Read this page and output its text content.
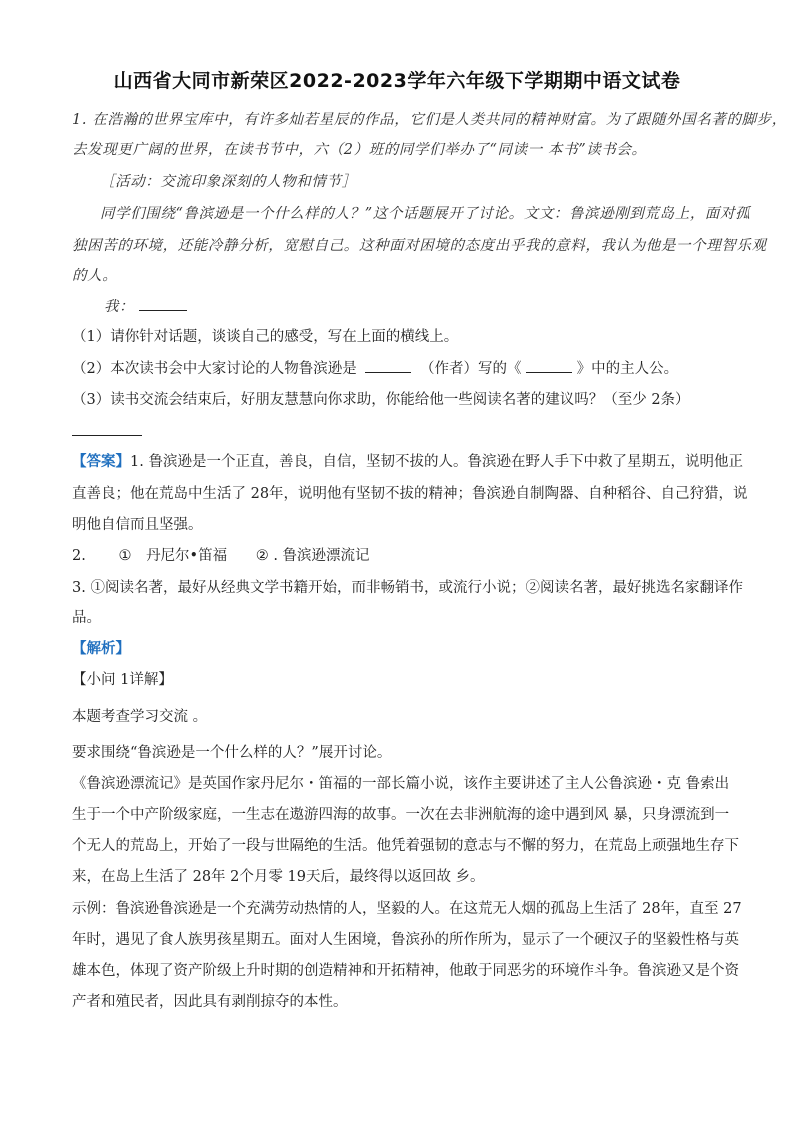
山西省大同市新荣区2022-2023学年六年级下学期期中语文试卷
1. 在浩瀚的世界宝库中，有许多灿若星辰的作品，它们是人类共同的精神财富。为了跟随外国名著的脚步，
去发现更广阔的世界，在读书节中，六（2）班的同学们举办了“同读一 本书”读书会。
［活动：交流印象深刻的人物和情节］
同学们围绕“鲁滨逊是一个什么样的人？”这个话题展开了讨论。文文：鲁滨逊刚到荒岛上，面对孤
独困苦的环境，还能冷静分析，宽慰自己。这种面对困境的态度出乎我的意料，我认为他是一个理智乐观
的人。
我：
（1）请你针对话题，谈谈自己的感受，写在上面的横线上。
（2）本次读书会中大家讨论的人物鲁滨逊是	（作者）写的《	》中的主人公。
（3）读书交流会结束后，好朋友慧慧向你求助，你能给他一些阅读名著的建议吗？（至少 2条）
【答案】1. 鲁滨逊是一个正直，善良，自信，坚韧不拔的人。鲁滨逊在野人手下中救了星期五，说明他正
直善良；他在荒岛中生活了 28年，说明他有坚韧不拔的精神；鲁滨逊自制陶器、自种稻谷、自己狩猎，说
明他自信而且坚强。
2. ① 丹尼尔•笛福 ② . 鲁滨逊漂流记
3. ①阅读名著，最好从经典文学书籍开始，而非畅销书，或流行小说；②阅读名著，最好挑选名家翻译作
品。
【解析】
【小问 1详解】
本题考查学习交流 。
要求围绕“鲁滨逊是一个什么样的人？”展开讨论。
《鲁滨逊漂流记》是英国作家丹尼尔・笛福的一部长篇小说，该作主要讲述了主人公鲁滨逊・克 鲁索出
生于一个中产阶级家庭，一生志在遨游四海的故事。一次在去非洲航海的途中遇到风 暴，只身漂流到一
个无人的荒岛上，开始了一段与世隔绝的生活。他凭着强韧的意志与不懈的努力，在荒岛上顽强地生存下
来，在岛上生活了 28年 2个月零 19天后，最终得以返回故 乡。
示例：鲁滨逊鲁滨逊是一个充满劳动热情的人，坚毅的人。在这荒无人烟的孤岛上生活了 28年，直至 27
年时，遇见了食人族男孩星期五。面对人生困境，鲁滨孙的所作所为，显示了一个硬汉子的坚毅性格与英
雄本色，体现了资产阶级上升时期的创造精神和开拓精神，他敢于同恶劣的环境作斗争。鲁滨逊又是个资
产者和殖民者，因此具有剥削掠夺的本性。
